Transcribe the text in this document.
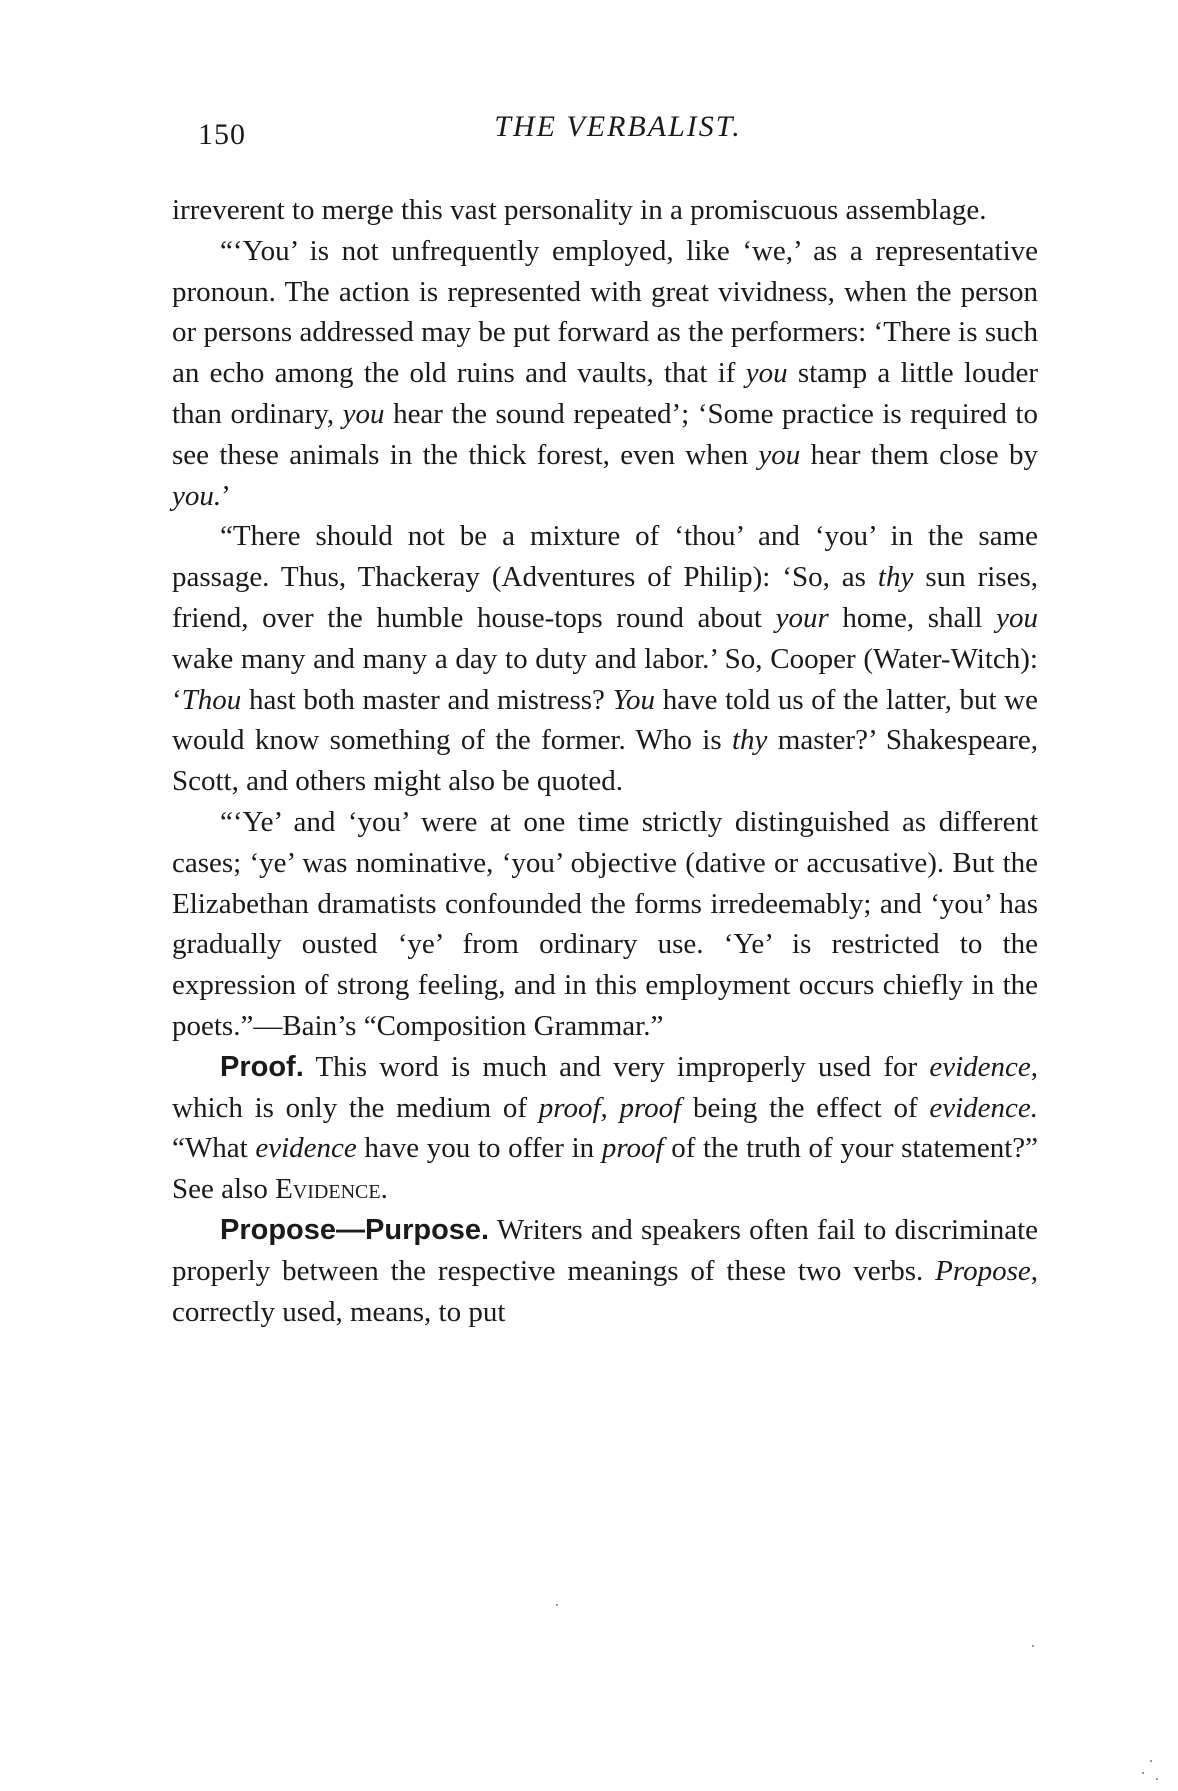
150	THE VERBALIST.

irreverent to merge this vast personality in a promiscuous assemblage.

“‘You’ is not unfrequently employed, like ‘we,’ as a representative pronoun. The action is represented with great vividness, when the person or persons addressed may be put forward as the performers: ‘There is such an echo among the old ruins and vaults, that if you stamp a little louder than ordinary, you hear the sound repeated’; ‘Some practice is required to see these animals in the thick forest, even when you hear them close by you.’

“There should not be a mixture of ‘thou’ and ‘you’ in the same passage. Thus, Thackeray (Adventures of Philip): ‘So, as thy sun rises, friend, over the humble house-tops round about your home, shall you wake many and many a day to duty and labor.’ So, Cooper (Water-Witch): ‘Thou hast both master and mistress? You have told us of the latter, but we would know something of the former. Who is thy master?’ Shakespeare, Scott, and others might also be quoted.

“‘Ye’ and ‘you’ were at one time strictly distinguished as different cases; ‘ye’ was nominative, ‘you’ objective (dative or accusative). But the Elizabethan dramatists confounded the forms irredeemably; and ‘you’ has gradually ousted ‘ye’ from ordinary use. ‘Ye’ is restricted to the expression of strong feeling, and in this employment occurs chiefly in the poets.”—Bain’s “Composition Grammar.”

Proof. This word is much and very improperly used for evidence, which is only the medium of proof, proof being the effect of evidence. “What evidence have you to offer in proof of the truth of your statement?” See also Evidence.

Propose—Purpose. Writers and speakers often fail to discriminate properly between the respective meanings of these two verbs. Propose, correctly used, means, to put
